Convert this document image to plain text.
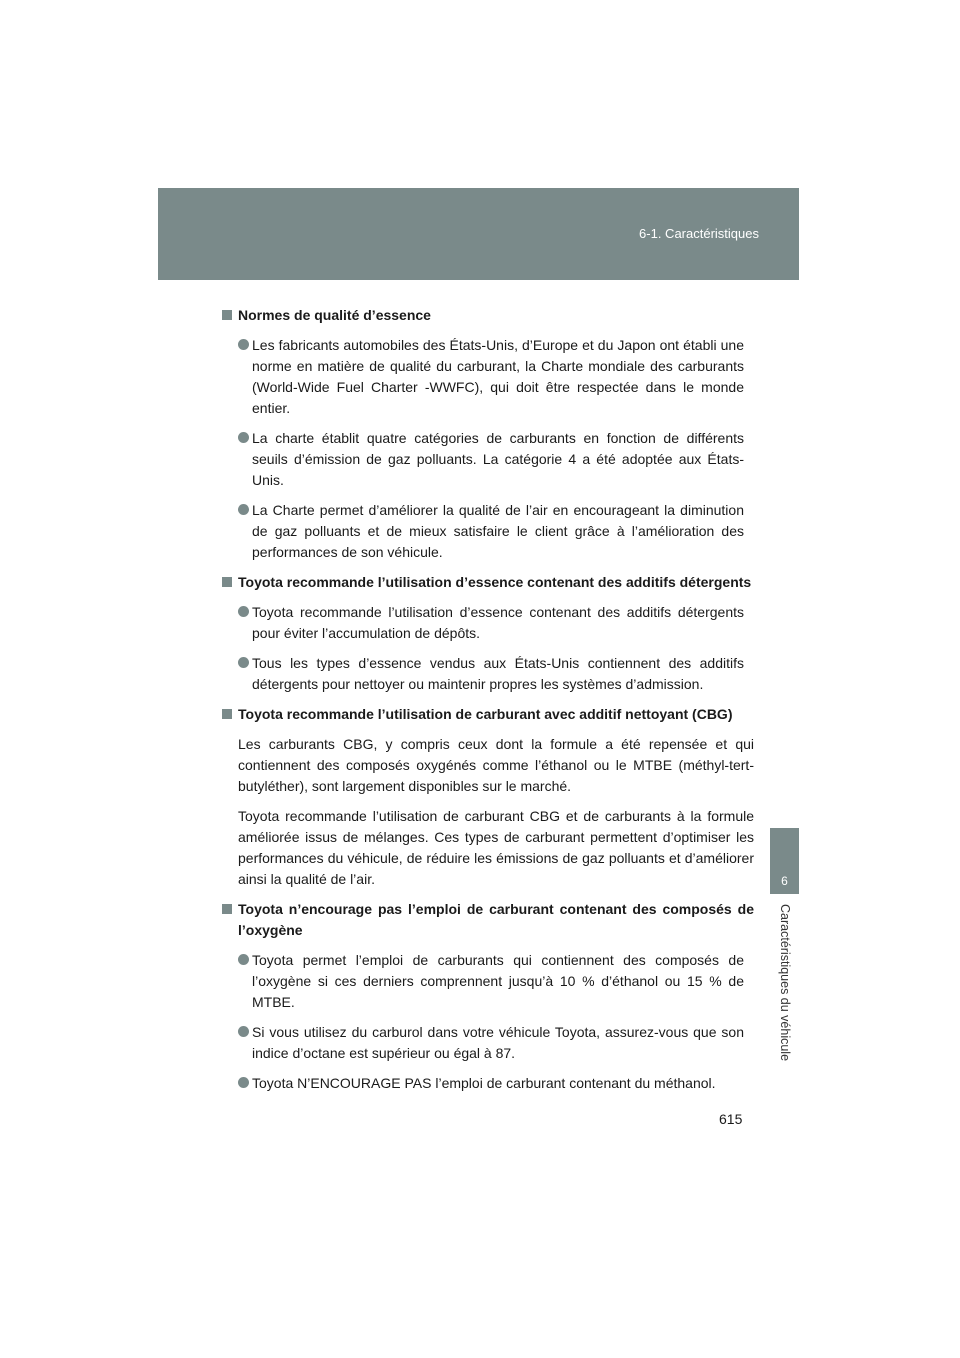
6-1. Caractéristiques
6
Caractéristiques du véhicule
Normes de qualité d’essence
Les fabricants automobiles des États-Unis, d’Europe et du Japon ont établi une norme en matière de qualité du carburant, la Charte mondiale des carburants (World-Wide Fuel Charter -WWFC), qui doit être respectée dans le monde entier.
La charte établit quatre catégories de carburants en fonction de différents seuils d’émission de gaz polluants. La catégorie 4 a été adoptée aux États-Unis.
La Charte permet d’améliorer la qualité de l’air en encourageant la diminution de gaz polluants et de mieux satisfaire le client grâce à l’amélioration des performances de son véhicule.
Toyota recommande l’utilisation d’essence contenant des additifs détergents
Toyota recommande l’utilisation d’essence contenant des additifs détergents pour éviter l’accumulation de dépôts.
Tous les types d’essence vendus aux États-Unis contiennent des additifs détergents pour nettoyer ou maintenir propres les systèmes d’admission.
Toyota recommande l’utilisation de carburant avec additif nettoyant (CBG)
Les carburants CBG, y compris ceux dont la formule a été repensée et qui contiennent des composés oxygénés comme l’éthanol ou le MTBE (méthyl-tert-butyléther), sont largement disponibles sur le marché.
Toyota recommande l’utilisation de carburant CBG et de carburants à la formule améliorée issus de mélanges. Ces types de carburant permettent d’optimiser les performances du véhicule, de réduire les émissions de gaz polluants et d’améliorer ainsi la qualité de l’air.
Toyota n’encourage pas l’emploi de carburant contenant des composés de l’oxygène
Toyota permet l’emploi de carburants qui contiennent des composés de l’oxygène si ces derniers comprennent jusqu’à 10 % d’éthanol ou 15 % de MTBE.
Si vous utilisez du carburol dans votre véhicule Toyota, assurez-vous que son indice d’octane est supérieur ou égal à 87.
Toyota N’ENCOURAGE PAS l’emploi de carburant contenant du méthanol.
615
